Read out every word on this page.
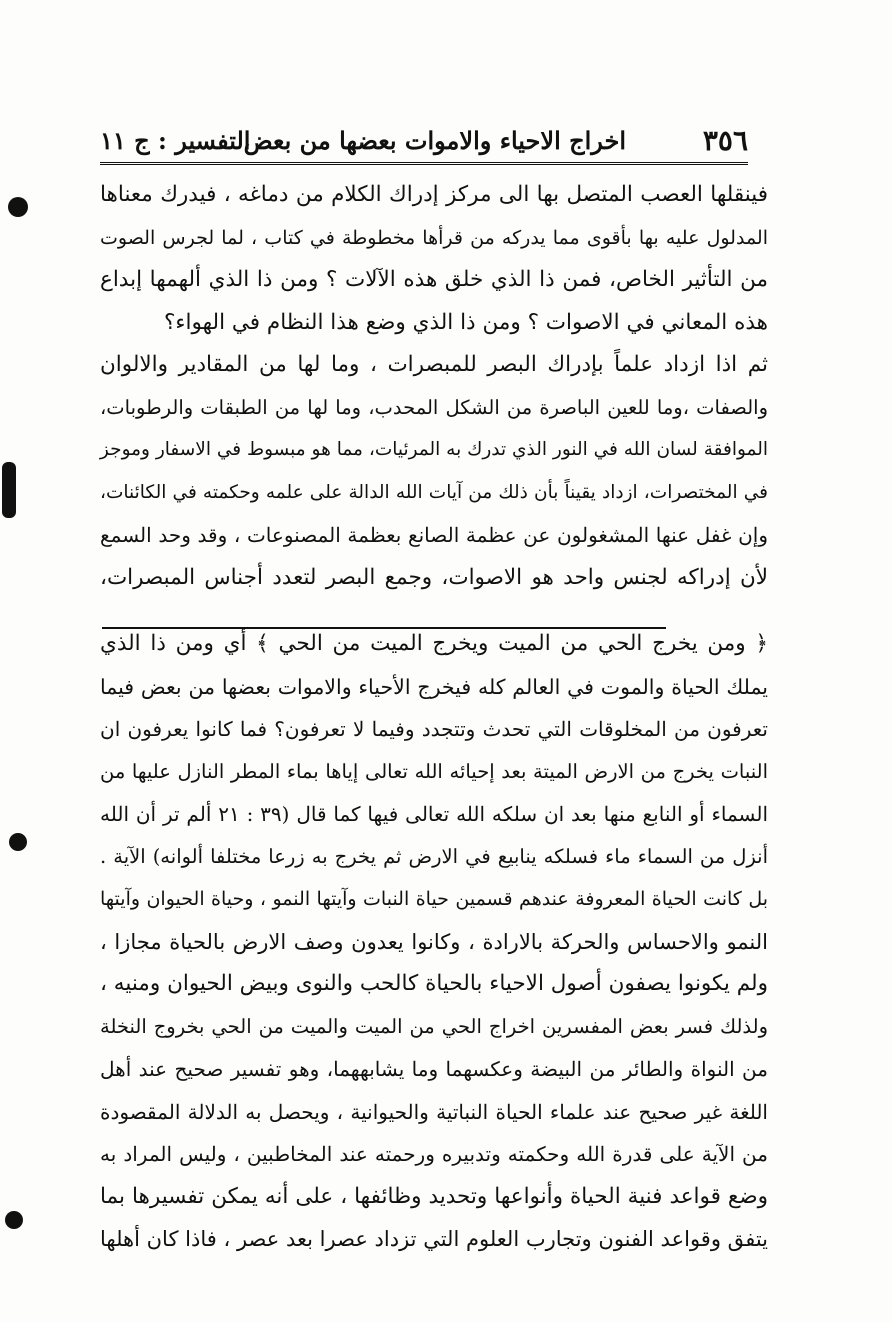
٣٥٦
اخراج الاحياء والاموات بعضها من بعض
التفسير : ج ١١
فينقلها العصب المتصل بها الى مركز إدراك الكلام من دماغه ، فيدرك معناها
المدلول عليه بها بأقوى مما يدركه من قرأها مخطوطة في كتاب ، لما لجرس الصوت
من التأثير الخاص، فمن ذا الذي خلق هذه الآلات ؟ ومن ذا الذي ألهمها إبداع
هذه المعاني في الاصوات ؟ ومن ذا الذي وضع هذا النظام في الهواء؟
ثم اذا ازداد علماً بإدراك البصر للمبصرات ، وما لها من المقادير والالوان
والصفات ،وما للعين الباصرة من الشكل المحدب، وما لها من الطبقات والرطوبات،
الموافقة لسان الله في النور الذي تدرك به المرئيات، مما هو مبسوط في الاسفار وموجز
في المختصرات، ازداد يقيناً بأن ذلك من آيات الله الدالة على علمه وحكمته في الكائنات،
وإن غفل عنها المشغولون عن عظمة الصانع بعظمة المصنوعات ، وقد وحد السمع
لأن إدراكه لجنس واحد هو الاصوات، وجمع البصر لتعدد أجناس المبصرات،
﴿ ومن يخرج الحي من الميت ويخرج الميت من الحي ﴾ أي ومن ذا الذي
يملك الحياة والموت في العالم كله فيخرج الأحياء والاموات بعضها من بعض فيما
تعرفون من المخلوقات التي تحدث وتتجدد وفيما لا تعرفون؟ فما كانوا يعرفون ان
النبات يخرج من الارض الميتة بعد إحيائه الله تعالى إياها بماء المطر النازل عليها من
السماء أو النابع منها بعد ان سلكه الله تعالى فيها كما قال (٣٩ : ٢١ ألم تر أن الله
أنزل من السماء ماء فسلكه ينابيع في الارض ثم يخرج به زرعا مختلفا ألوانه) الآية .
بل كانت الحياة المعروفة عندهم قسمين حياة النبات وآيتها النمو ، وحياة الحيوان وآيتها
النمو والاحساس والحركة بالارادة ، وكانوا يعدون وصف الارض بالحياة مجازا ،
ولم يكونوا يصفون أصول الاحياء بالحياة كالحب والنوى وبيض الحيوان ومنيه ،
ولذلك فسر بعض المفسرين اخراج الحي من الميت والميت من الحي بخروج النخلة
من النواة والطائر من البيضة وعكسهما وما يشابههما، وهو تفسير صحيح عند أهل
اللغة غير صحيح عند علماء الحياة النباتية والحيوانية ، ويحصل به الدلالة المقصودة
من الآية على قدرة الله وحكمته وتدبيره ورحمته عند المخاطبين ، وليس المراد به
وضع قواعد فنية الحياة وأنواعها وتحديد وظائفها ، على أنه يمكن تفسيرها بما
يتفق وقواعد الفنون وتجارب العلوم التي تزداد عصرا بعد عصر ، فاذا كان أهلها
